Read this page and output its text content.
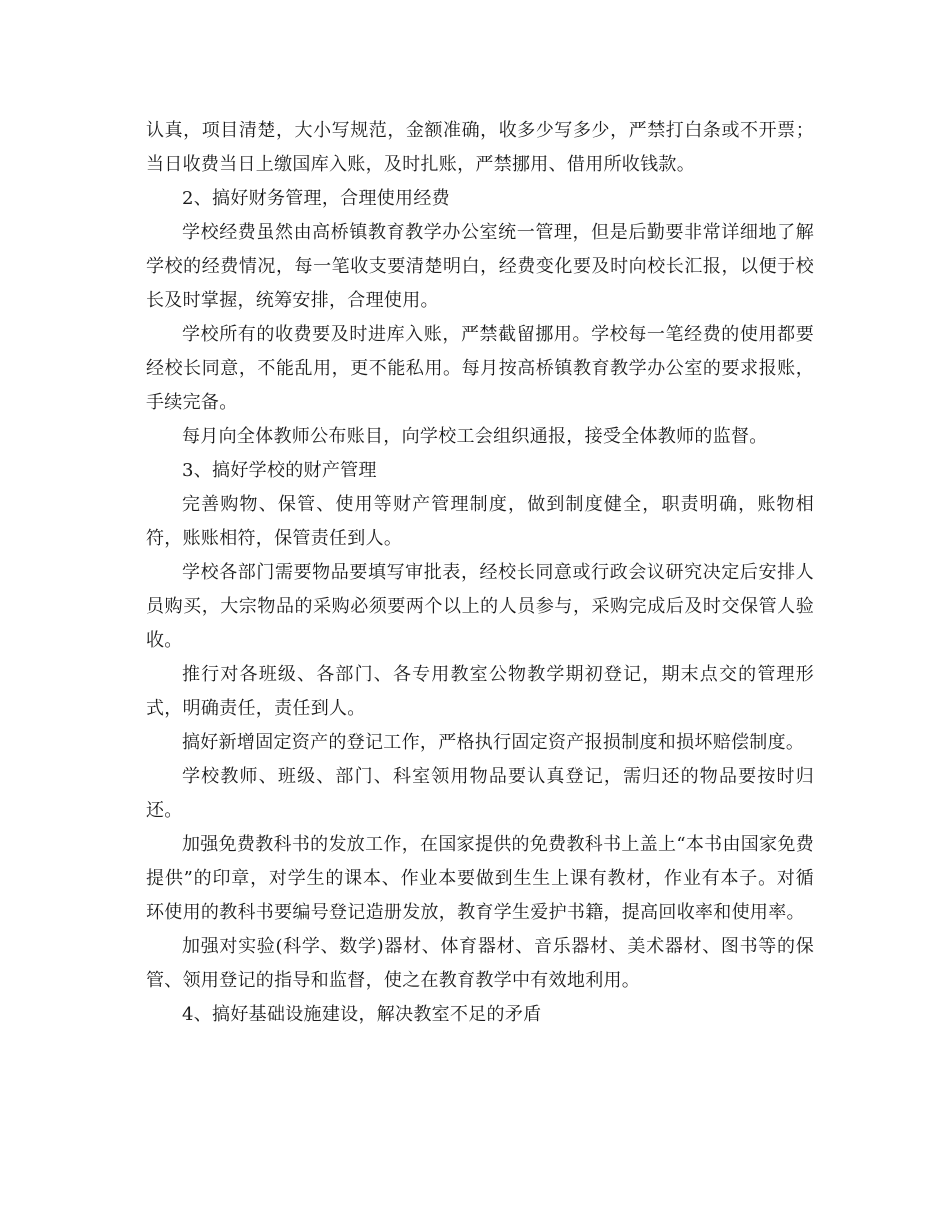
认真，项目清楚，大小写规范，金额准确，收多少写多少，严禁打白条或不开票；当日收费当日上缴国库入账，及时扎账，严禁挪用、借用所收钱款。

2、搞好财务管理，合理使用经费

学校经费虽然由高桥镇教育教学办公室统一管理，但是后勤要非常详细地了解学校的经费情况，每一笔收支要清楚明白，经费变化要及时向校长汇报，以便于校长及时掌握，统筹安排，合理使用。

学校所有的收费要及时进库入账，严禁截留挪用。学校每一笔经费的使用都要经校长同意，不能乱用，更不能私用。每月按高桥镇教育教学办公室的要求报账，手续完备。

每月向全体教师公布账目，向学校工会组织通报，接受全体教师的监督。

3、搞好学校的财产管理

完善购物、保管、使用等财产管理制度，做到制度健全，职责明确，账物相符，账账相符，保管责任到人。

学校各部门需要物品要填写审批表，经校长同意或行政会议研究决定后安排人员购买，大宗物品的采购必须要两个以上的人员参与，采购完成后及时交保管人验收。

推行对各班级、各部门、各专用教室公物教学期初登记，期末点交的管理形式，明确责任，责任到人。

搞好新增固定资产的登记工作，严格执行固定资产报损制度和损坏赔偿制度。

学校教师、班级、部门、科室领用物品要认真登记，需归还的物品要按时归还。

加强免费教科书的发放工作，在国家提供的免费教科书上盖上“本书由国家免费提供”的印章，对学生的课本、作业本要做到生生上课有教材，作业有本子。对循环使用的教科书要编号登记造册发放，教育学生爱护书籍，提高回收率和使用率。

加强对实验(科学、数学)器材、体育器材、音乐器材、美术器材、图书等的保管、领用登记的指导和监督，使之在教育教学中有效地利用。

4、搞好基础设施建设，解决教室不足的矛盾
